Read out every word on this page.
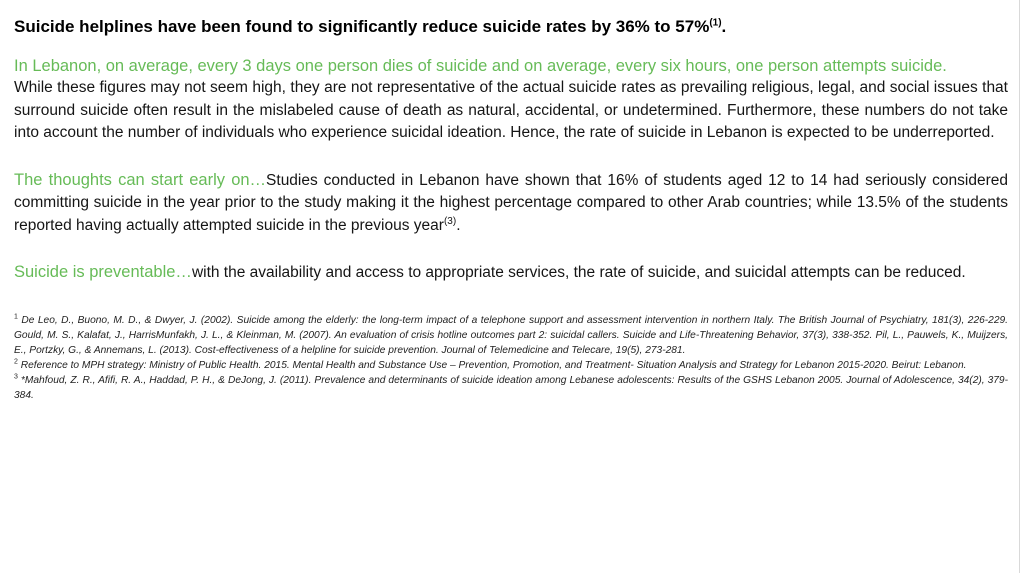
Suicide helplines have been found to significantly reduce suicide rates by 36% to 57%$^{(1)}$.

In Lebanon, on average, every 3 days one person dies of suicide and on average, every six hours, one person attempts suicide.

While these figures may not seem high, they are not representative of the actual suicide rates as prevailing religious, legal, and social issues that surround suicide often result in the mislabeled cause of death as natural, accidental, or undetermined. Furthermore, these numbers do not take into account the number of individuals who experience suicidal ideation. Hence, the rate of suicide in Lebanon is expected to be underreported.

The thoughts can start early on…Studies conducted in Lebanon have shown that 16% of students aged 12 to 14 had seriously considered committing suicide in the year prior to the study making it the highest percentage compared to other Arab countries; while 13.5% of the students reported having actually attempted suicide in the previous year$^{(3)}$.

Suicide is preventable…with the availability and access to appropriate services, the rate of suicide, and suicidal attempts can be reduced.

$^1$ De Leo, D., Buono, M. D., & Dwyer, J. (2002). Suicide among the elderly: the long-term impact of a telephone support and assessment intervention in northern Italy. The British Journal of Psychiatry, 181(3), 226-229. Gould, M. S., Kalafat, J., HarrisMunfakh, J. L., & Kleinman, M. (2007). An evaluation of crisis hotline outcomes part 2: suicidal callers. Suicide and Life-Threatening Behavior, 37(3), 338-352. Pil, L., Pauwels, K., Muijzers, E., Portzky, G., & Annemans, L. (2013). Cost-effectiveness of a helpline for suicide prevention. Journal of Telemedicine and Telecare, 19(5), 273-281.

$^2$ Reference to MPH strategy: Ministry of Public Health. 2015. Mental Health and Substance Use – Prevention, Promotion, and Treatment- Situation Analysis and Strategy for Lebanon 2015-2020. Beirut: Lebanon.

$^3$ *Mahfoud, Z. R., Afifi, R. A., Haddad, P. H., & DeJong, J. (2011). Prevalence and determinants of suicide ideation among Lebanese adolescents: Results of the GSHS Lebanon 2005. Journal of Adolescence, 34(2), 379-384.
